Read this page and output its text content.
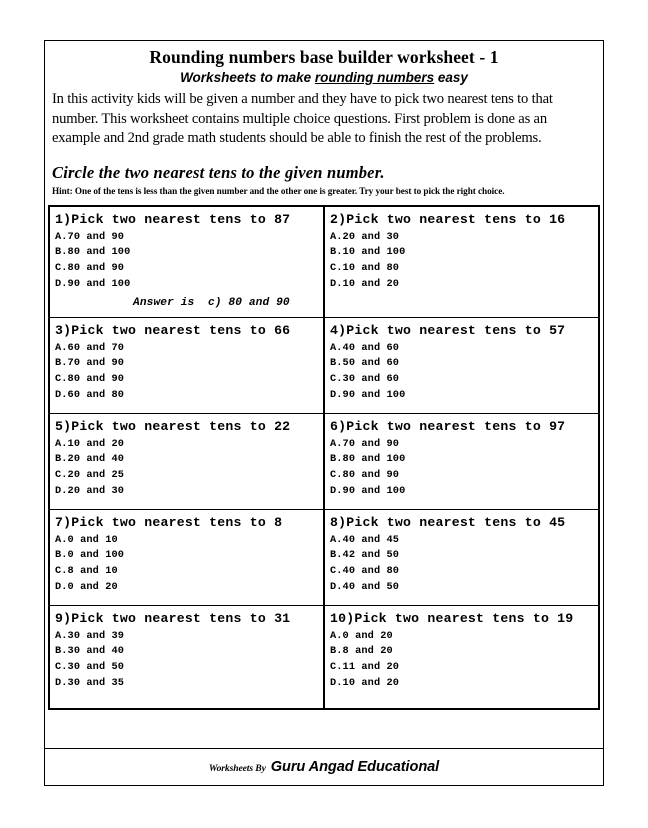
Rounding numbers base builder worksheet - 1
Worksheets to make rounding numbers easy
In this activity kids will be given a number and they have to pick two nearest tens to that number. This worksheet contains multiple choice questions. First problem is done as an example and 2nd grade math students should be able to finish the rest of the problems.
Circle the two nearest tens to the given number.
Hint: One of the tens is less than the given number and the other one is greater. Try your best to pick the right choice.
1)Pick two nearest tens to 87
A.70 and 90
B.80 and 100
C.80 and 90
D.90 and 100
Answer is  c) 80 and 90

2)Pick two nearest tens to 16
A.20 and 30
B.10 and 100
C.10 and 80
D.10 and 20

3)Pick two nearest tens to 66
A.60 and 70
B.70 and 90
C.80 and 90
D.60 and 80

4)Pick two nearest tens to 57
A.40 and 60
B.50 and 60
C.30 and 60
D.90 and 100

5)Pick two nearest tens to 22
A.10 and 20
B.20 and 40
C.20 and 25
D.20 and 30

6)Pick two nearest tens to 97
A.70 and 90
B.80 and 100
C.80 and 90
D.90 and 100

7)Pick two nearest tens to 8
A.0 and 10
B.0 and 100
C.8 and 10
D.0 and 20

8)Pick two nearest tens to 45
A.40 and 45
B.42 and 50
C.40 and 80
D.40 and 50

9)Pick two nearest tens to 31
A.30 and 39
B.30 and 40
C.30 and 50
D.30 and 35

10)Pick two nearest tens to 19
A.0 and 20
B.8 and 20
C.11 and 20
D.10 and 20
Worksheets By Guru Angad Educational
